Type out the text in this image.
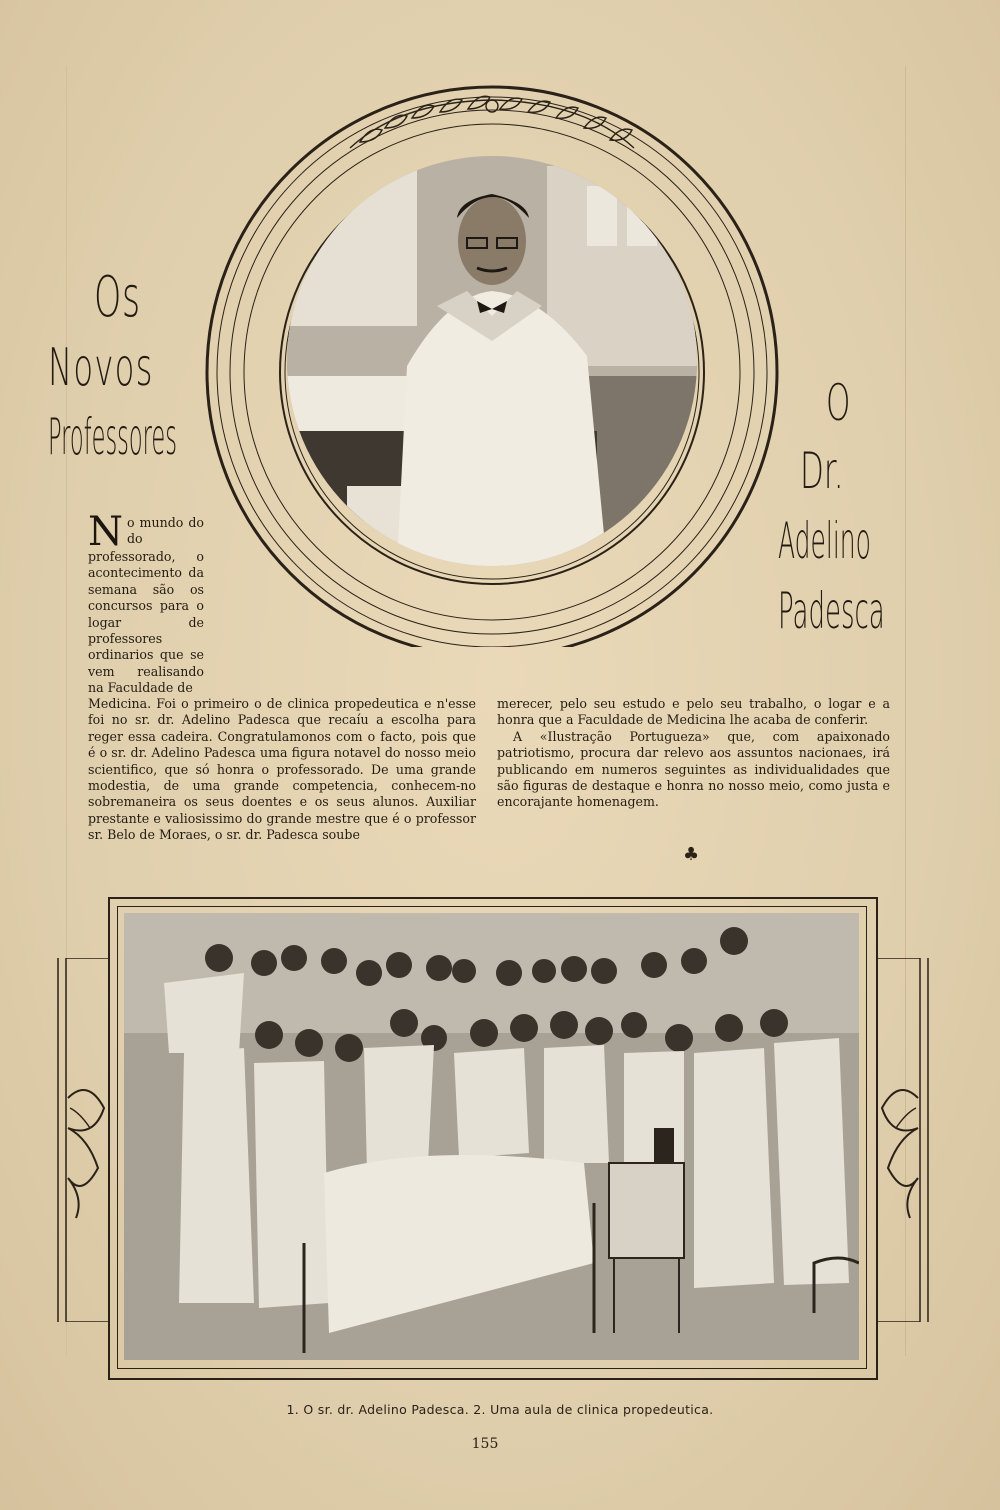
Os
Novos
Professores
O
Dr.
Adelino
Padesca
No mundo do do professorado, o acontecimento da semana são os concursos para o logar de professores ordinarios que se vem realisando na Faculdade de
Medicina. Foi o primeiro o de clinica propedeutica e n'esse foi no sr. dr. Adelino Padesca que recaíu a escolha para reger essa cadeira. Congratulamonos com o facto, pois que é o sr. dr. Adelino Padesca uma figura notavel do nosso meio scientifico, que só honra o professorado. De uma grande modestia, de uma grande competencia, conhecem-no sobremaneira os seus doentes e os seus alunos. Auxiliar prestante e valiosissimo do grande mestre que é o professor sr. Belo de Moraes, o sr. dr. Padesca soube

merecer, pelo seu estudo e pelo seu trabalho, o logar e a honra que a Faculdade de Medicina lhe acaba de conferir.

A «Ilustração Portugueza» que, com apaixonado patriotismo, procura dar relevo aos assuntos nacionaes, irá publicando em numeros seguintes as individualidades que são figuras de destaque e honra no nosso meio, como justa e encorajante homenagem.

♣
1. O sr. dr. Adelino Padesca. 2. Uma aula de clinica propedeutica.
155
